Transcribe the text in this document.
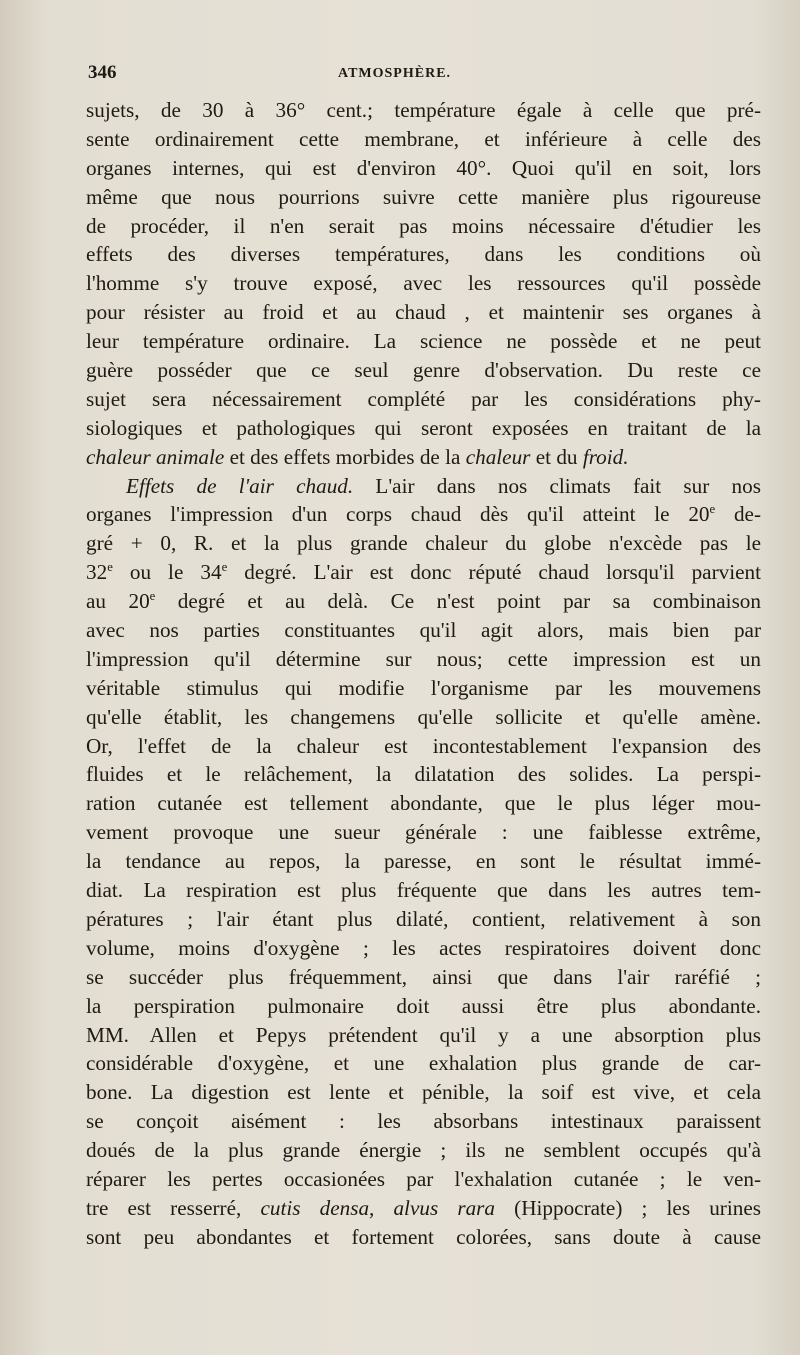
346	ATMOSPHÈRE.
sujets, de 30 à 36° cent.; température égale à celle que pré-
sente ordinairement cette membrane, et inférieure à celle des
organes internes, qui est d'environ 40°. Quoi qu'il en soit, lors
même que nous pourrions suivre cette manière plus rigoureuse
de procéder, il n'en serait pas moins nécessaire d'étudier les
effets des diverses températures, dans les conditions où
l'homme s'y trouve exposé, avec les ressources qu'il possède
pour résister au froid et au chaud , et maintenir ses organes à
leur température ordinaire. La science ne possède et ne peut
guère posséder que ce seul genre d'observation. Du reste ce
sujet sera nécessairement complété par les considérations phy-
siologiques et pathologiques qui seront exposées en traitant de la
chaleur animale et des effets morbides de la chaleur et du froid.
Effets de l'air chaud. L'air dans nos climats fait sur nos
organes l'impression d'un corps chaud dès qu'il atteint le 20e de-
gré + 0, R. et la plus grande chaleur du globe n'excède pas le
32e ou le 34e degré. L'air est donc réputé chaud lorsqu'il parvient
au 20e degré et au delà. Ce n'est point par sa combinaison
avec nos parties constituantes qu'il agit alors, mais bien par
l'impression qu'il détermine sur nous; cette impression est un
véritable stimulus qui modifie l'organisme par les mouvemens
qu'elle établit, les changemens qu'elle sollicite et qu'elle amène.
Or, l'effet de la chaleur est incontestablement l'expansion des
fluides et le relâchement, la dilatation des solides. La perspi-
ration cutanée est tellement abondante, que le plus léger mou-
vement provoque une sueur générale : une faiblesse extrême,
la tendance au repos, la paresse, en sont le résultat immé-
diat. La respiration est plus fréquente que dans les autres tem-
pératures ; l'air étant plus dilaté, contient, relativement à son
volume, moins d'oxygène ; les actes respiratoires doivent donc
se succéder plus fréquemment, ainsi que dans l'air raréfié ;
la perspiration pulmonaire doit aussi être plus abondante.
MM. Allen et Pepys prétendent qu'il y a une absorption plus
considérable d'oxygène, et une exhalation plus grande de car-
bone. La digestion est lente et pénible, la soif est vive, et cela
se conçoit aisément : les absorbans intestinaux paraissent
doués de la plus grande énergie ; ils ne semblent occupés qu'à
réparer les pertes occasionées par l'exhalation cutanée ; le ven-
tre est resserré, cutis densa, alvus rara (Hippocrate) ; les urines
sont peu abondantes et fortement colorées, sans doute à cause
